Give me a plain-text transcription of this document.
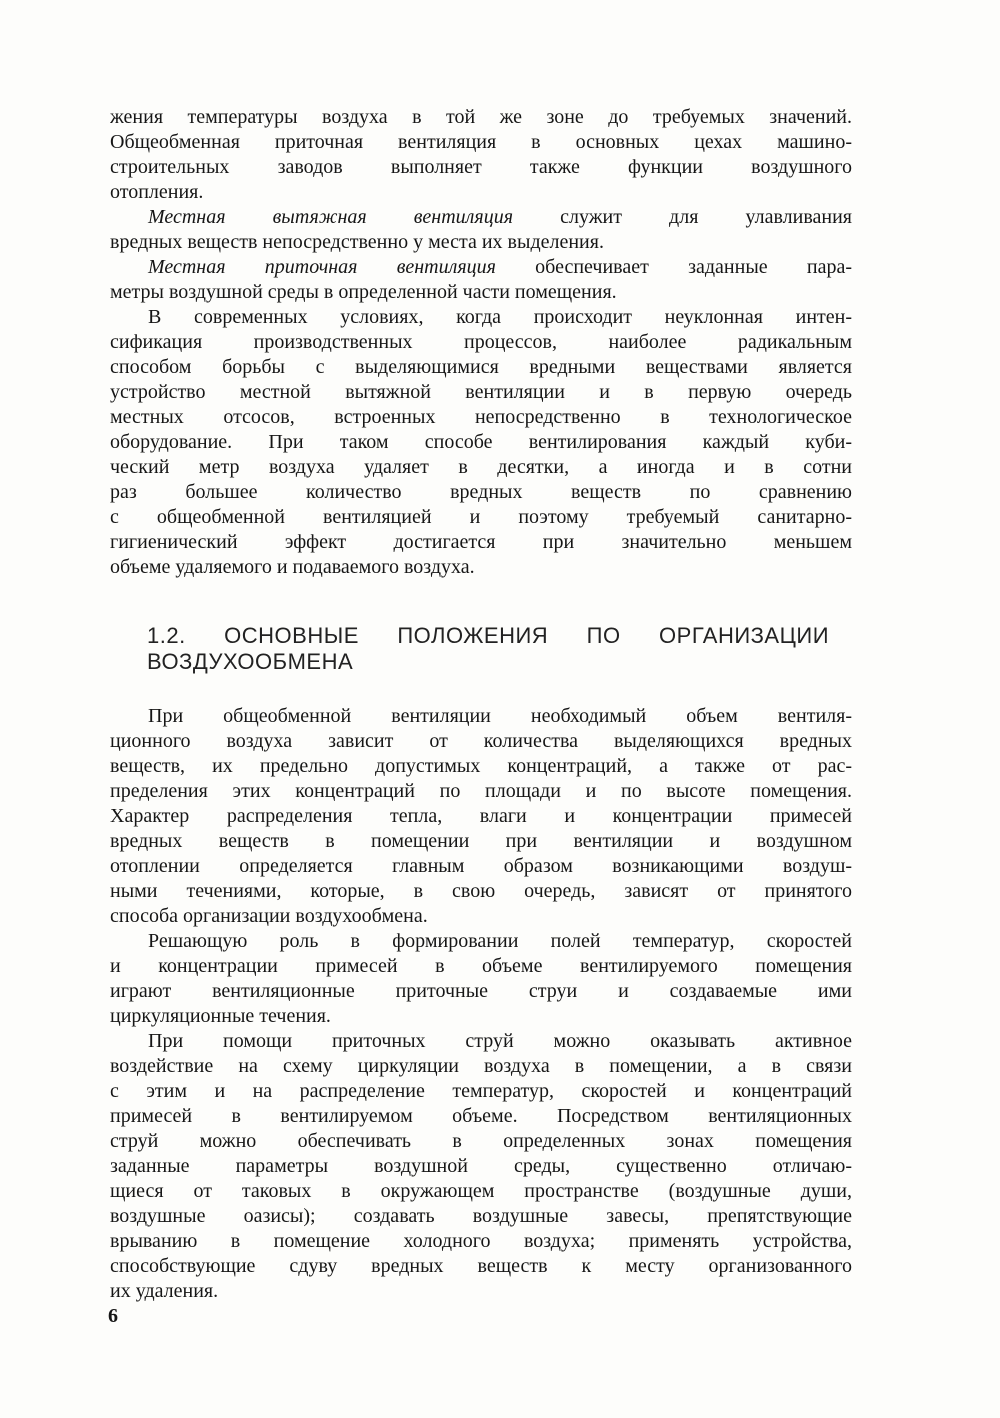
жения температуры воздуха в той же зоне до требуемых значений.
Общеобменная приточная вентиляция в основных цехах машино-
строительных заводов выполняет также функции воздушного
отопления.
Местная вытяжная вентиляция служит для улавливания
вредных веществ непосредственно у места их выделения.
Местная приточная вентиляция обеспечивает заданные пара-
метры воздушной среды в определенной части помещения.
В современных условиях, когда происходит неуклонная интен-
сификация производственных процессов, наиболее радикальным
способом борьбы с выделяющимися вредными веществами является
устройство местной вытяжной вентиляции и в первую очередь
местных отсосов, встроенных непосредственно в технологическое
оборудование. При таком способе вентилирования каждый куби-
ческий метр воздуха удаляет в десятки, а иногда и в сотни
раз большее количество вредных веществ по сравнению
с общеобменной вентиляцией и поэтому требуемый санитарно-
гигиенический эффект достигается при значительно меньшем
объеме удаляемого и подаваемого воздуха.
1.2. ОСНОВНЫЕ ПОЛОЖЕНИЯ ПО ОРГАНИЗАЦИИ
ВОЗДУХООБМЕНА
При общеобменной вентиляции необходимый объем вентиля-
ционного воздуха зависит от количества выделяющихся вредных
веществ, их предельно допустимых концентраций, а также от рас-
пределения этих концентраций по площади и по высоте помещения.
Характер распределения тепла, влаги и концентрации примесей
вредных веществ в помещении при вентиляции и воздушном
отоплении определяется главным образом возникающими воздуш-
ными течениями, которые, в свою очередь, зависят от принятого
способа организации воздухообмена.
Решающую роль в формировании полей температур, скоростей
и концентрации примесей в объеме вентилируемого помещения
играют вентиляционные приточные струи и создаваемые ими
циркуляционные течения.
При помощи приточных струй можно оказывать активное
воздействие на схему циркуляции воздуха в помещении, а в связи
с этим и на распределение температур, скоростей и концентраций
примесей в вентилируемом объеме. Посредством вентиляционных
струй можно обеспечивать в определенных зонах помещения
заданные параметры воздушной среды, существенно отличаю-
щиеся от таковых в окружающем пространстве (воздушные души,
воздушные оазисы); создавать воздушные завесы, препятствующие
врыванию в помещение холодного воздуха; применять устройства,
способствующие сдуву вредных веществ к месту организованного
их удаления.
6
